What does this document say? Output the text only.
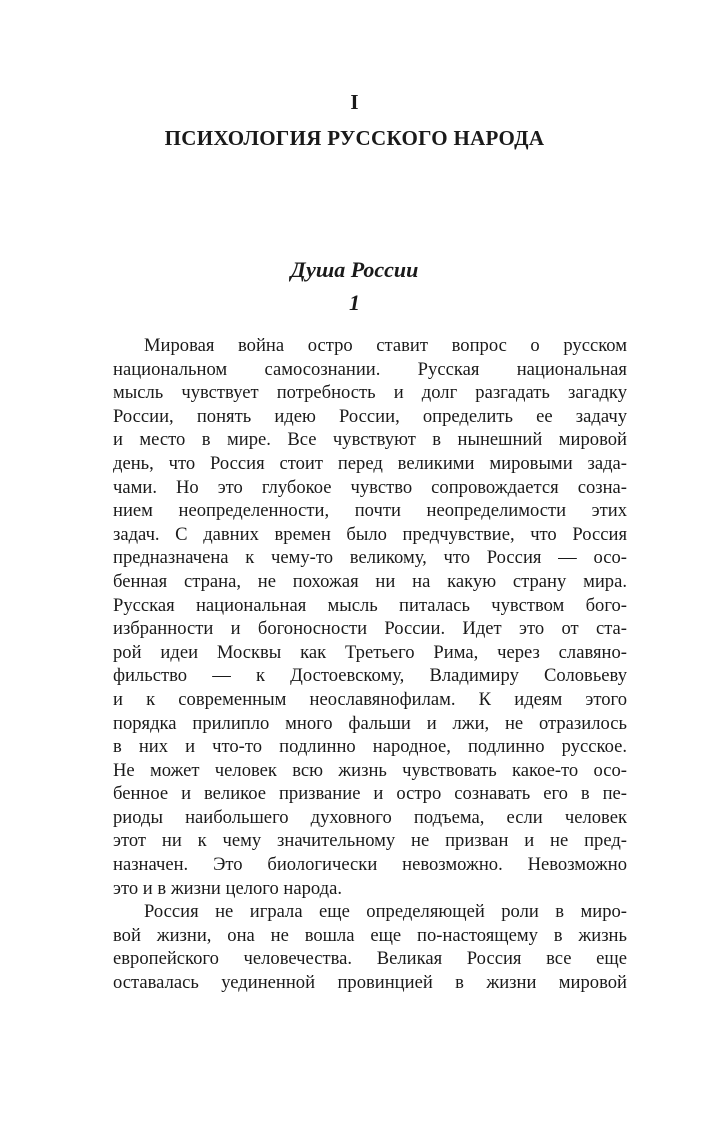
I
ПСИХОЛОГИЯ РУССКОГО НАРОДА
Душа России
1
Мировая война остро ставит вопрос о русском
национальном самосознании. Русская национальная
мысль чувствует потребность и долг разгадать загадку
России, понять идею России, определить ее задачу
и место в мире. Все чувствуют в нынешний мировой
день, что Россия стоит перед великими мировыми зада-
чами. Но это глубокое чувство сопровождается созна-
нием неопределенности, почти неопределимости этих
задач. С давних времен было предчувствие, что Россия
предназначена к чему-то великому, что Россия — осо-
бенная страна, не похожая ни на какую страну мира.
Русская национальная мысль питалась чувством бого-
избранности и богоносности России. Идет это от ста-
рой идеи Москвы как Третьего Рима, через славяно-
фильство — к Достоевскому, Владимиру Соловьеву
и к современным неославянофилам. К идеям этого
порядка прилипло много фальши и лжи, не отразилось
в них и что-то подлинно народное, подлинно русское.
Не может человек всю жизнь чувствовать какое-то осо-
бенное и великое призвание и остро сознавать его в пе-
риоды наибольшего духовного подъема, если человек
этот ни к чему значительному не призван и не пред-
назначен. Это биологически невозможно. Невозможно
это и в жизни целого народа.
Россия не играла еще определяющей роли в миро-
вой жизни, она не вошла еще по-настоящему в жизнь
европейского человечества. Великая Россия все еще
оставалась уединенной провинцией в жизни мировой
